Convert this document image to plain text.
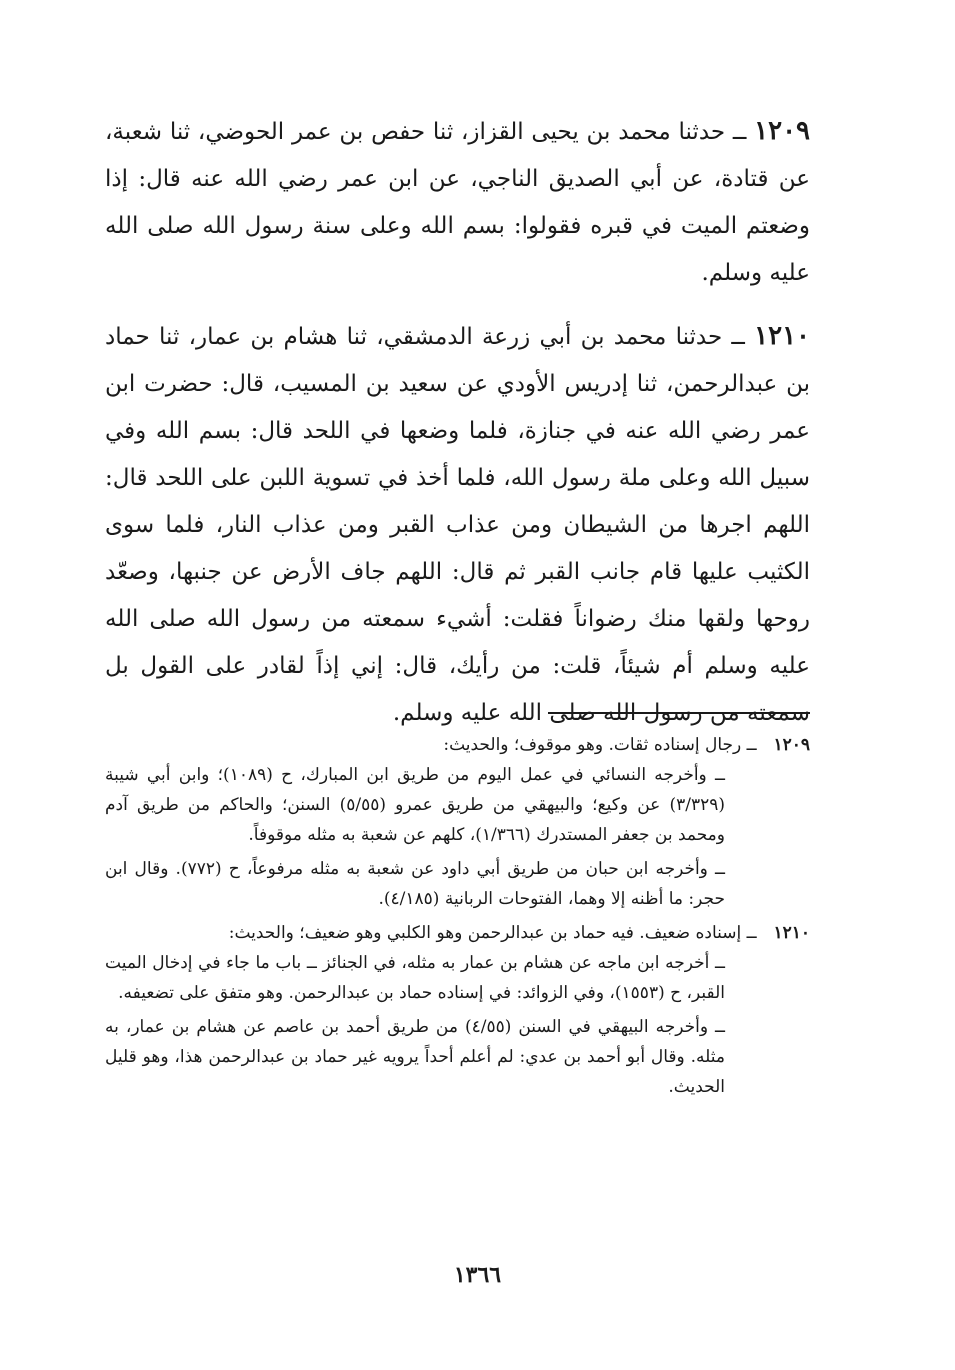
١٢٠٩ ــ حدثنا محمد بن يحيى القزاز، ثنا حفص بن عمر الحوضي، ثنا شعبة، عن قتادة، عن أبي الصديق الناجي، عن ابن عمر رضي الله عنه قال: إذا وضعتم الميت في قبره فقولوا: بسم الله وعلى سنة رسول الله صلى الله عليه وسلم.

١٢١٠ ــ حدثنا محمد بن أبي زرعة الدمشقي، ثنا هشام بن عمار، ثنا حماد بن عبدالرحمن، ثنا إدريس الأودي عن سعيد بن المسيب، قال: حضرت ابن عمر رضي الله عنه في جنازة، فلما وضعها في اللحد قال: بسم الله وفي سبيل الله وعلى ملة رسول الله، فلما أخذ في تسوية اللبن على اللحد قال: اللهم اجرها من الشيطان ومن عذاب القبر ومن عذاب النار، فلما سوى الكثيب عليها قام جانب القبر ثم قال: اللهم جاف الأرض عن جنبها، وصعّد روحها ولقها منك رضواناً فقلت: أشيء سمعته من رسول الله صلى الله عليه وسلم أم شيئاً، قلت: من رأيك، قال: إني إذاً لقادر على القول بل سمعته من رسول الله صلى الله عليه وسلم.

١٢٠٩ ــ رجال إسناده ثقات. وهو موقوف؛ والحديث:

ــ وأخرجه النسائي في عمل اليوم من طريق ابن المبارك، ح (١٠٨٩)؛ وابن أبي شيبة (٣/٣٢٩) عن وكيع؛ والبيهقي من طريق عمرو (٥/٥٥) السنن؛ والحاكم من طريق آدم ومحمد بن جعفر المستدرك (١/٣٦٦)، كلهم عن شعبة به مثله موقوفاً.

ــ وأخرجه ابن حبان من طريق أبي داود عن شعبة به مثله مرفوعاً، ح (٧٧٢). وقال ابن حجر: ما أظنه إلا وهما، الفتوحات الربانية (٤/١٨٥).

١٢١٠ ــ إسناده ضعيف. فيه حماد بن عبدالرحمن وهو الكلبي وهو ضعيف؛ والحديث:

ــ أخرجه ابن ماجه عن هشام بن عمار به مثله، في الجنائز ــ باب ما جاء في إدخال الميت القبر، ح (١٥٥٣)، وفي الزوائد: في إسناده حماد بن عبدالرحمن. وهو متفق على تضعيفه.

ــ وأخرجه البيهقي في السنن (٤/٥٥) من طريق أحمد بن عاصم عن هشام بن عمار، به مثله. وقال أبو أحمد بن عدي: لم أعلم أحداً يرويه غير حماد بن عبدالرحمن هذا، وهو قليل الحديث.

١٣٦٦
